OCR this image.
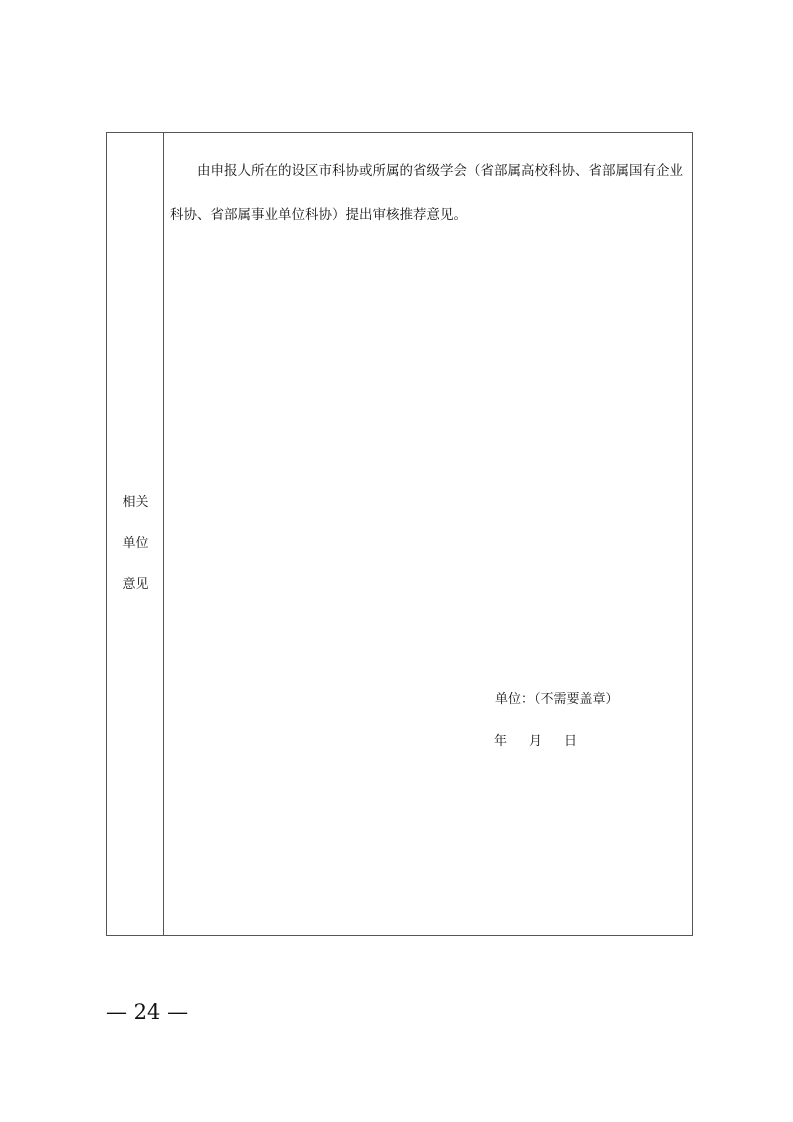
相关
单位
意见

由申报人所在的设区市科协或所属的省级学会（省部属高校科协、省部属国有企业科协、省部属事业单位科协）提出审核推荐意见。

单位：（不需要盖章）
年 月 日
— 24 —
